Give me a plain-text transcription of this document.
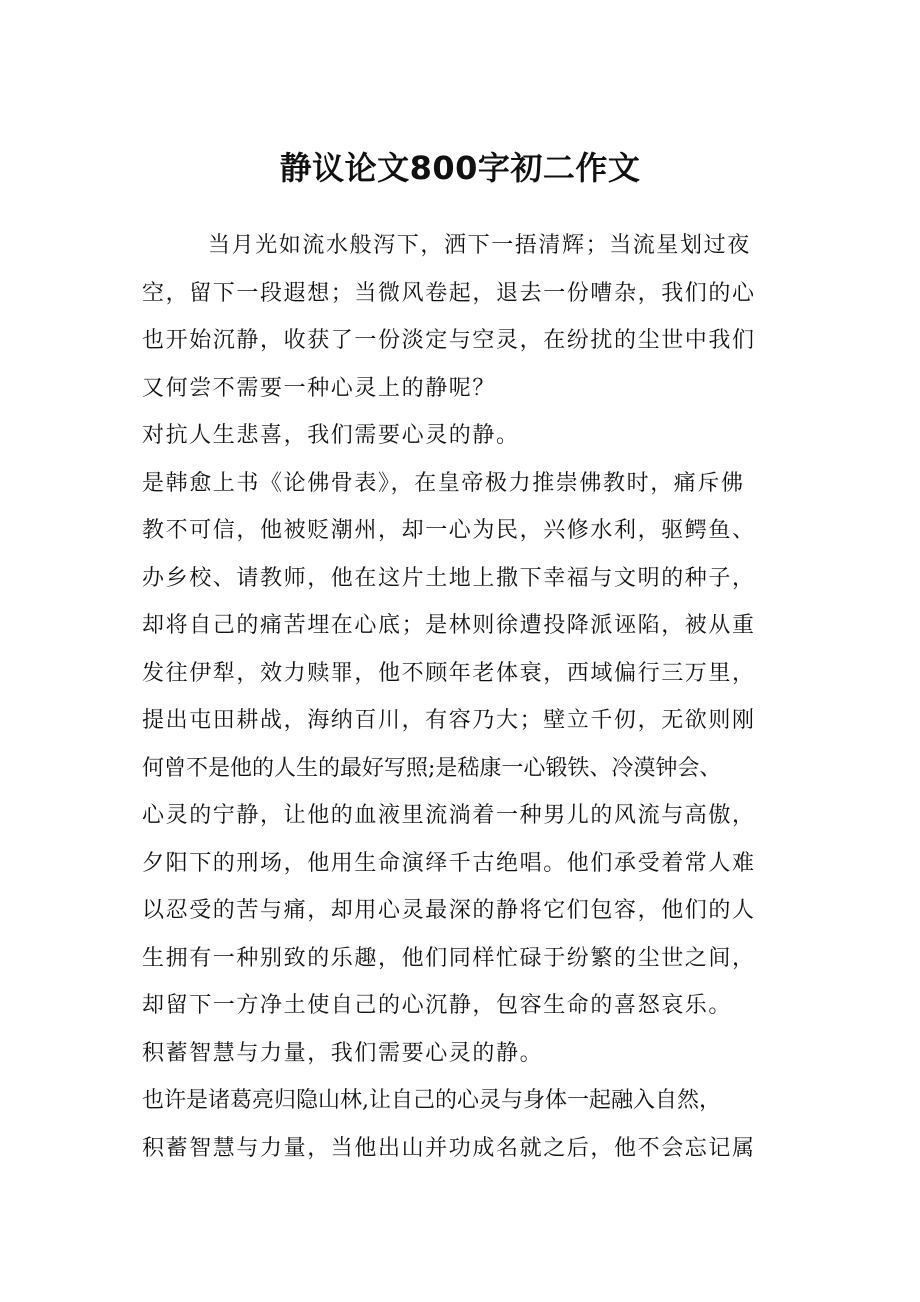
静议论文800字初二作文
当月光如流水般泻下，洒下一捂清辉；当流星划过夜
空，留下一段遐想；当微风卷起，退去一份嘈杂，我们的心
也开始沉静，收获了一份淡定与空灵，在纷扰的尘世中我们
又何尝不需要一种心灵上的静呢？
对抗人生悲喜，我们需要心灵的静。
是韩愈上书《论佛骨表》，在皇帝极力推崇佛教时，痛斥佛
教不可信，他被贬潮州，却一心为民，兴修水利，驱鳄鱼、
办乡校、请教师，他在这片土地上撒下幸福与文明的种子，
却将自己的痛苦埋在心底；是林则徐遭投降派诬陷，被从重
发往伊犁，效力赎罪，他不顾年老体衰，西域偏行三万里，
提出屯田耕战，海纳百川，有容乃大；壁立千仞，无欲则刚
何曾不是他的人生的最好写照;是嵇康一心锻铁、冷漠钟会、
心灵的宁静，让他的血液里流淌着一种男儿的风流与高傲，
夕阳下的刑场，他用生命演绎千古绝唱。他们承受着常人难
以忍受的苦与痛，却用心灵最深的静将它们包容，他们的人
生拥有一种别致的乐趣，他们同样忙碌于纷繁的尘世之间，
却留下一方净土使自己的心沉静，包容生命的喜怒哀乐。
积蓄智慧与力量，我们需要心灵的静。
也许是诸葛亮归隐山林,让自己的心灵与身体一起融入自然，
积蓄智慧与力量，当他出山并功成名就之后，他不会忘记属
